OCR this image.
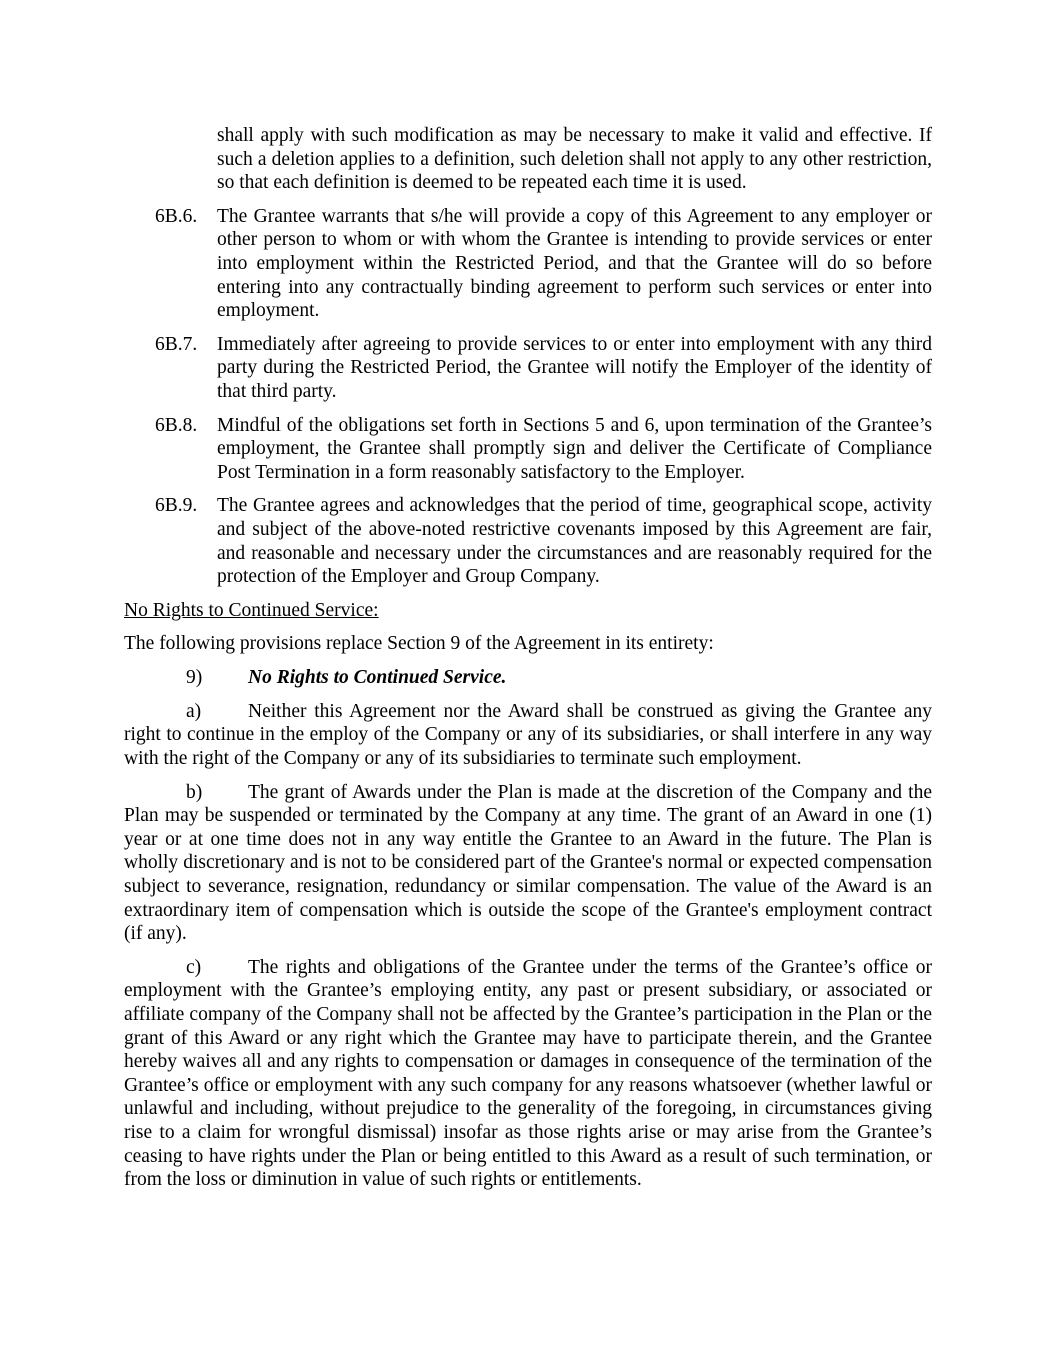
shall apply with such modification as may be necessary to make it valid and effective. If such a deletion applies to a definition, such deletion shall not apply to any other restriction, so that each definition is deemed to be repeated each time it is used.

6B.6. The Grantee warrants that s/he will provide a copy of this Agreement to any employer or other person to whom or with whom the Grantee is intending to provide services or enter into employment within the Restricted Period, and that the Grantee will do so before entering into any contractually binding agreement to perform such services or enter into employment.
6B.7. Immediately after agreeing to provide services to or enter into employment with any third party during the Restricted Period, the Grantee will notify the Employer of the identity of that third party.
6B.8. Mindful of the obligations set forth in Sections 5 and 6, upon termination of the Grantee’s employment, the Grantee shall promptly sign and deliver the Certificate of Compliance Post Termination in a form reasonably satisfactory to the Employer.
6B.9. The Grantee agrees and acknowledges that the period of time, geographical scope, activity and subject of the above-noted restrictive covenants imposed by this Agreement are fair, and reasonable and necessary under the circumstances and are reasonably required for the protection of the Employer and Group Company.

No Rights to Continued Service:

The following provisions replace Section 9 of the Agreement in its entirety:

9) No Rights to Continued Service.

a) Neither this Agreement nor the Award shall be construed as giving the Grantee any right to continue in the employ of the Company or any of its subsidiaries, or shall interfere in any way with the right of the Company or any of its subsidiaries to terminate such employment.

b) The grant of Awards under the Plan is made at the discretion of the Company and the Plan may be suspended or terminated by the Company at any time. The grant of an Award in one (1) year or at one time does not in any way entitle the Grantee to an Award in the future. The Plan is wholly discretionary and is not to be considered part of the Grantee's normal or expected compensation subject to severance, resignation, redundancy or similar compensation. The value of the Award is an extraordinary item of compensation which is outside the scope of the Grantee's employment contract (if any).

c) The rights and obligations of the Grantee under the terms of the Grantee’s office or employment with the Grantee’s employing entity, any past or present subsidiary, or associated or affiliate company of the Company shall not be affected by the Grantee’s participation in the Plan or the grant of this Award or any right which the Grantee may have to participate therein, and the Grantee hereby waives all and any rights to compensation or damages in consequence of the termination of the Grantee’s office or employment with any such company for any reasons whatsoever (whether lawful or unlawful and including, without prejudice to the generality of the foregoing, in circumstances giving rise to a claim for wrongful dismissal) insofar as those rights arise or may arise from the Grantee’s ceasing to have rights under the Plan or being entitled to this Award as a result of such termination, or from the loss or diminution in value of such rights or entitlements.
